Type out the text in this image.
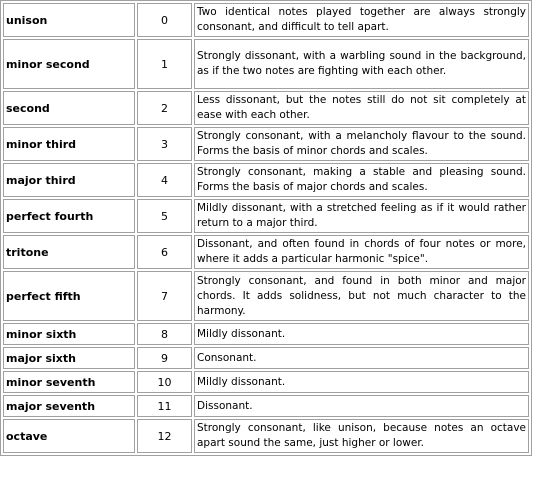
unison	0	Two identical notes played together are always strongly consonant, and difficult to tell apart.
minor second	1	Strongly dissonant, with a warbling sound in the background, as if the two notes are fighting with each other.
second	2	Less dissonant, but the notes still do not sit completely at ease with each other.
minor third	3	Strongly consonant, with a melancholy flavour to the sound. Forms the basis of minor chords and scales.
major third	4	Strongly consonant, making a stable and pleasing sound. Forms the basis of major chords and scales.
perfect fourth	5	Mildly dissonant, with a stretched feeling as if it would rather return to a major third.
tritone	6	Dissonant, and often found in chords of four notes or more, where it adds a particular harmonic "spice".
perfect fifth	7	Strongly consonant, and found in both minor and major chords. It adds solidness, but not much character to the harmony.
minor sixth	8	Mildly dissonant.
major sixth	9	Consonant.
minor seventh	10	Mildly dissonant.
major seventh	11	Dissonant.
octave	12	Strongly consonant, like unison, because notes an octave apart sound the same, just higher or lower.
